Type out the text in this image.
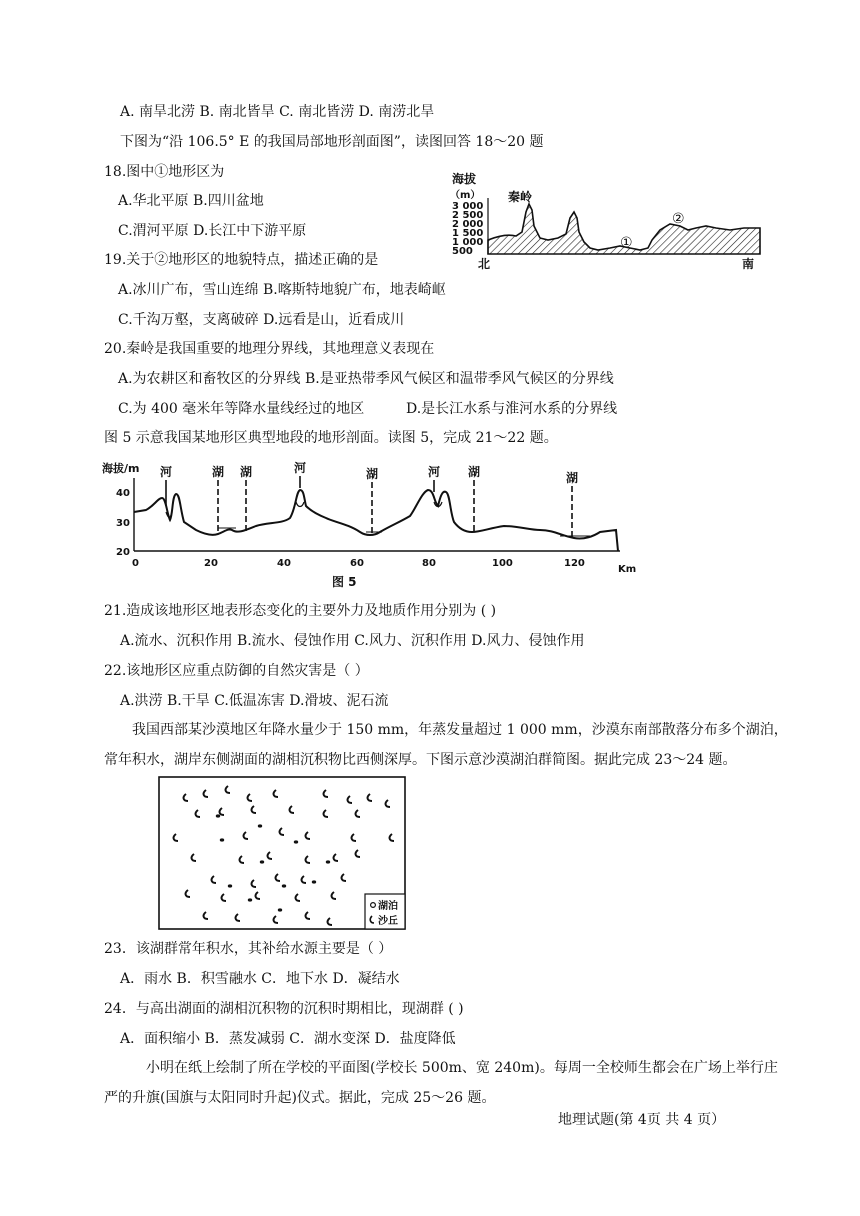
A. 南旱北涝 B. 南北皆旱 C. 南北皆涝 D. 南涝北旱
下图为“沿 106.5° E 的我国局部地形剖面图”，读图回答 18～20 题
18.图中①地形区为
A.华北平原 B.四川盆地
C.渭河平原 D.长江中下游平原
19.关于②地形区的地貌特点，描述正确的是
A.冰川广布，雪山连绵 B.喀斯特地貌广布，地表崎岖
C.千沟万壑，支离破碎 D.远看是山，近看成川
20.秦岭是我国重要的地理分界线，其地理意义表现在
A.为农耕区和畜牧区的分界线 B.是亚热带季风气候区和温带季风气候区的分界线
C.为 400 毫米年等降水量线经过的地区	D.是长江水系与淮河水系的分界线
图 5 示意我国某地形区典型地段的地形剖面。读图 5，完成 21～22 题。
21.造成该地形区地表形态变化的主要外力及地质作用分别为 ( )
A.流水、沉积作用 B.流水、侵蚀作用 C.风力、沉积作用 D.风力、侵蚀作用
22.该地形区应重点防御的自然灾害是（ ）
A.洪涝 B.干旱 C.低温冻害 D.滑坡、泥石流
我国西部某沙漠地区年降水量少于 150 mm，年蒸发量超过 1 000 mm，沙漠东南部散落分布多个湖泊，
常年积水，湖岸东侧湖面的湖相沉积物比西侧深厚。下图示意沙漠湖泊群简图。据此完成 23～24 题。
23．该湖群常年积水，其补给水源主要是（ ）
A．雨水 B．积雪融水 C．地下水 D．凝结水
24．与高出湖面的湖相沉积物的沉积时期相比，现湖群 ( )
A．面积缩小 B．蒸发减弱 C．湖水变深 D．盐度降低
小明在纸上绘制了所在学校的平面图(学校长 500m、宽 240m)。每周一全校师生都会在广场上举行庄
严的升旗(国旗与太阳同时升起)仪式。据此，完成 25～26 题。
地理试题(第 4页 共 4 页）
海拔
（m）
3 000
2 500
2 000
1 500
1 000
500
秦岭
①
②
北	南
海拔/m
40
30
20
0	20	40	60	80	100	120
Km
图 5
河	湖 湖	河	湖	河 湖	湖
湖泊
沙丘
